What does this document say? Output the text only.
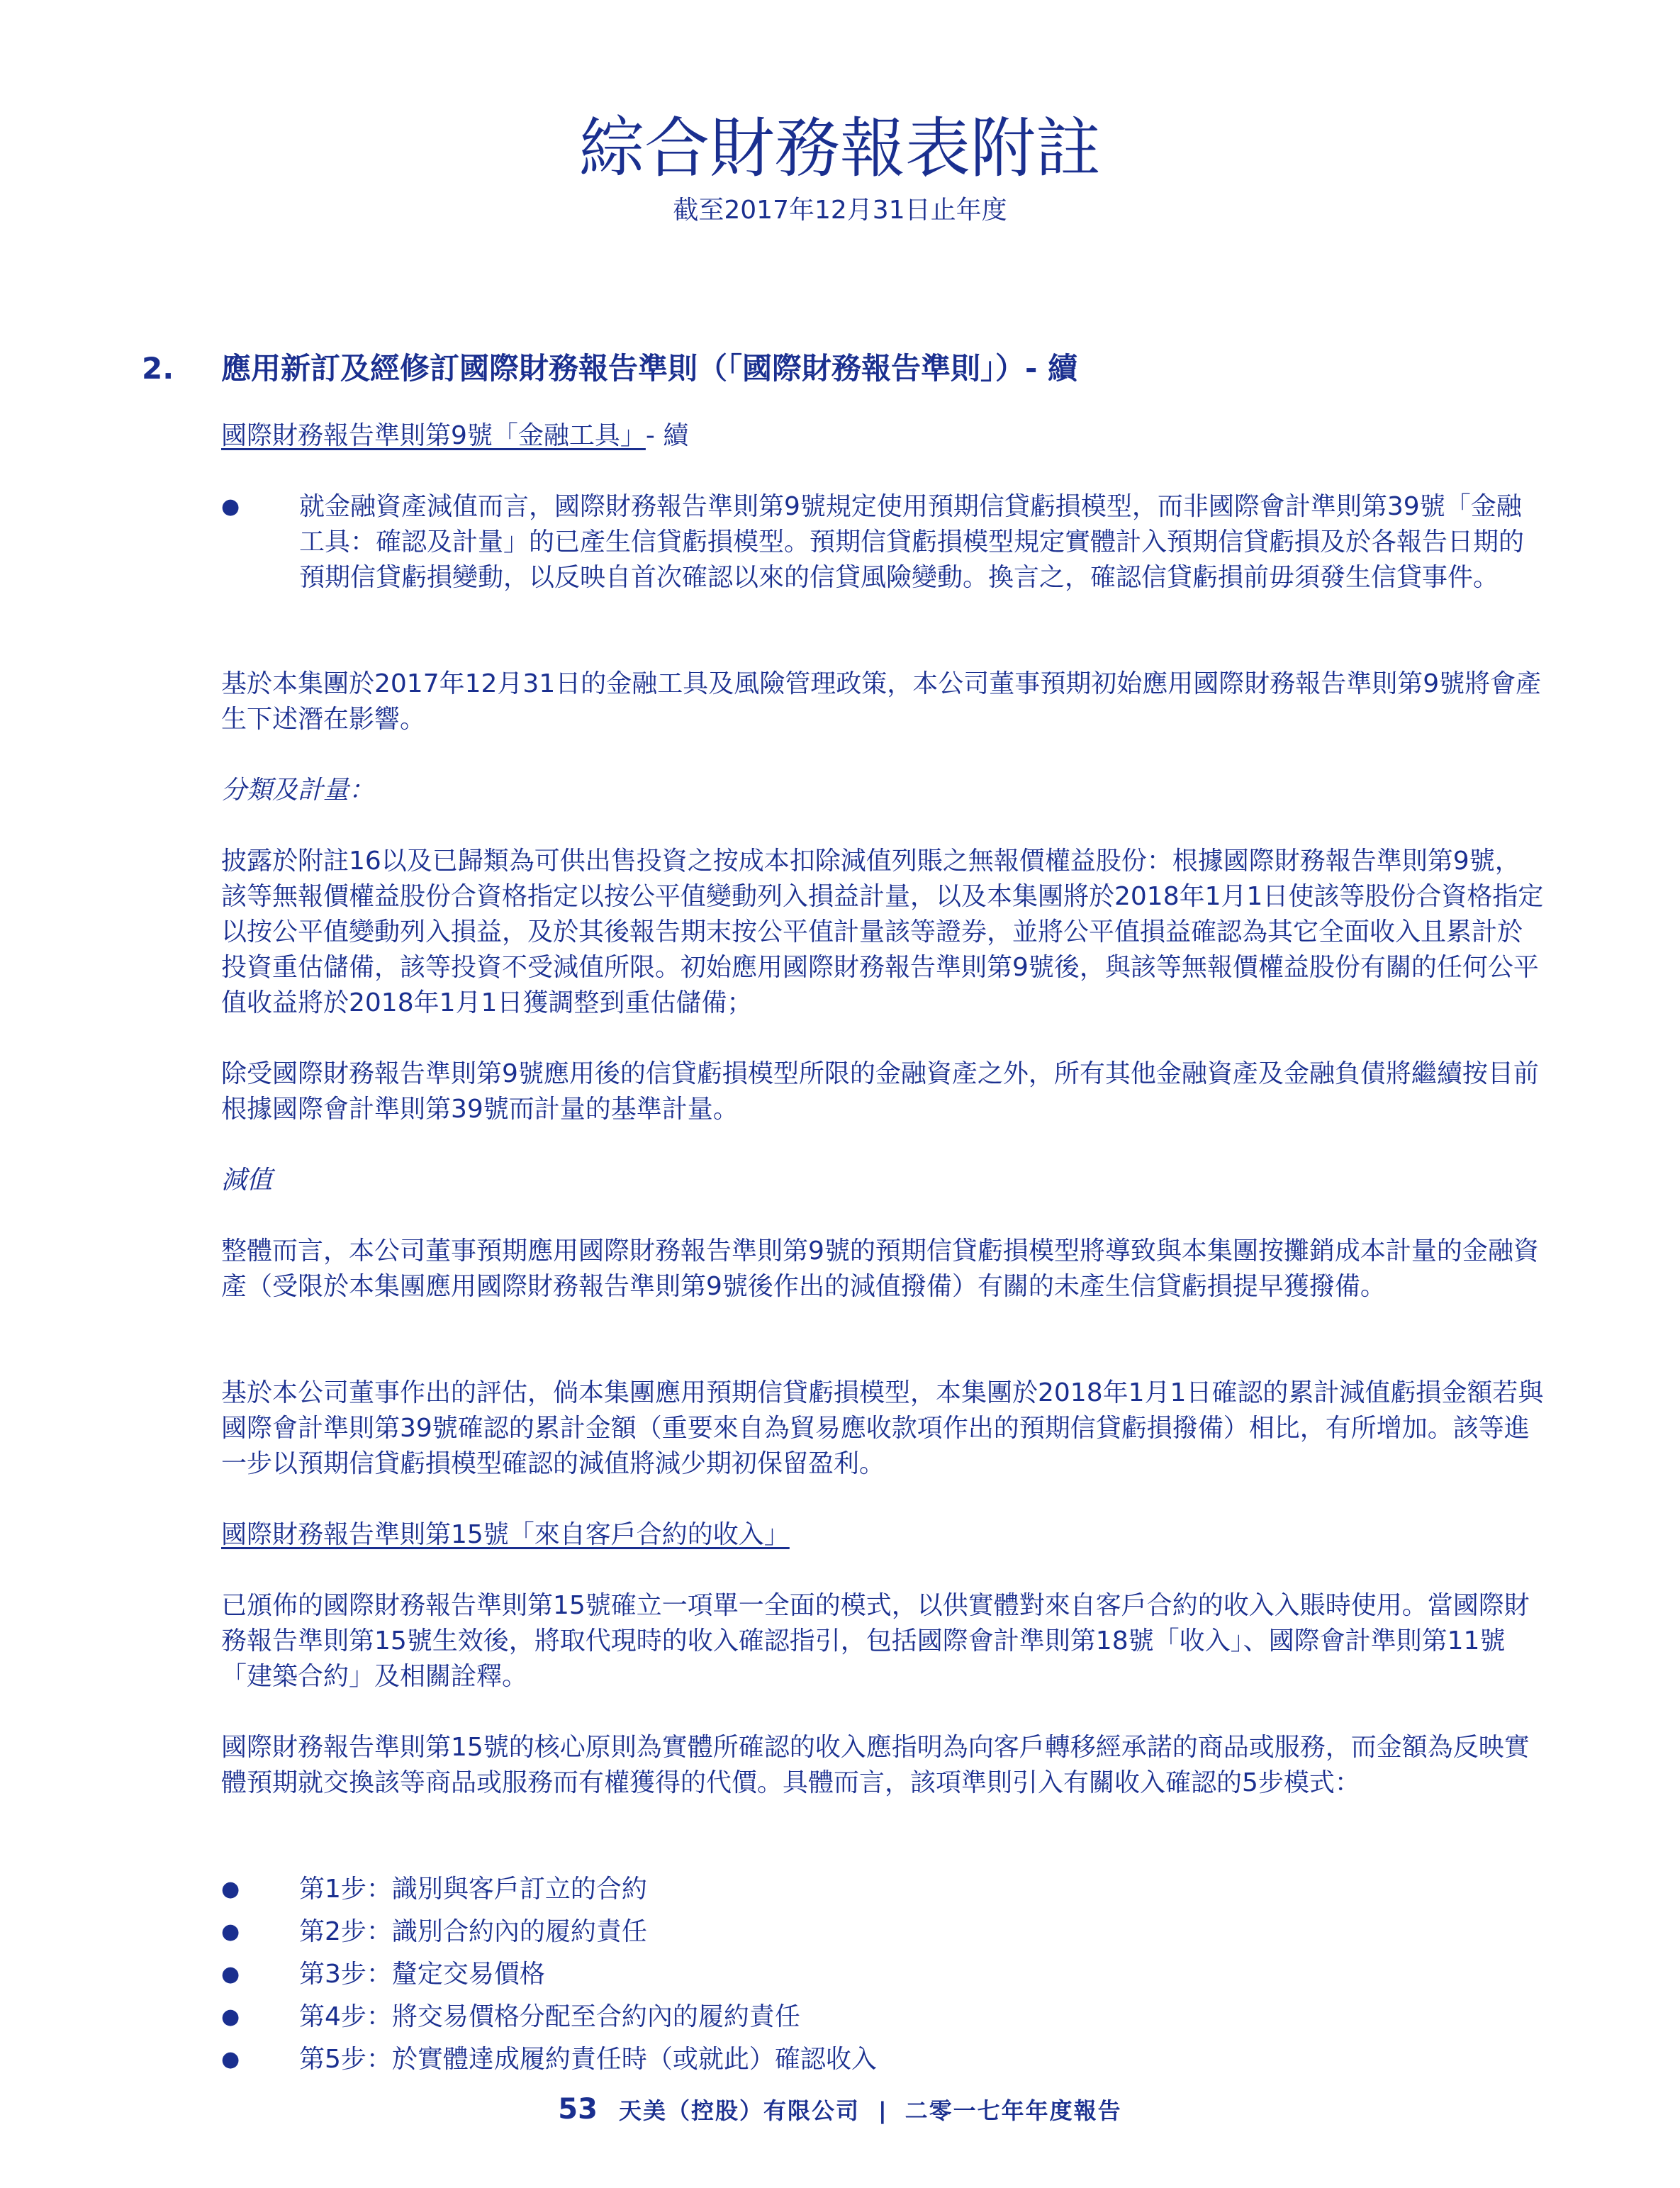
綜合財務報表附註
截至2017年12月31日止年度
2. 應用新訂及經修訂國際財務報告準則（「國際財務報告準則」）- 續
國際財務報告準則第9號「金融工具」- 續
● 就金融資產減值而言，國際財務報告準則第9號規定使用預期信貸虧損模型，而非國際會計準則第39號「金融工具：確認及計量」的已產生信貸虧損模型。預期信貸虧損模型規定實體計入預期信貸虧損及於各報告日期的預期信貸虧損變動，以反映自首次確認以來的信貸風險變動。換言之，確認信貸虧損前毋須發生信貸事件。

基於本集團於2017年12月31日的金融工具及風險管理政策，本公司董事預期初始應用國際財務報告準則第9號將會產生下述潛在影響。

分類及計量：

披露於附註16以及已歸類為可供出售投資之按成本扣除減值列賬之無報價權益股份：根據國際財務報告準則第9號，該等無報價權益股份合資格指定以按公平值變動列入損益計量，以及本集團將於2018年1月1日使該等股份合資格指定以按公平值變動列入損益，及於其後報告期末按公平值計量該等證券，並將公平值損益確認為其它全面收入且累計於投資重估儲備，該等投資不受減值所限。初始應用國際財務報告準則第9號後，與該等無報價權益股份有關的任何公平值收益將於2018年1月1日獲調整到重估儲備；

除受國際財務報告準則第9號應用後的信貸虧損模型所限的金融資產之外，所有其他金融資產及金融負債將繼續按目前根據國際會計準則第39號而計量的基準計量。

減值

整體而言，本公司董事預期應用國際財務報告準則第9號的預期信貸虧損模型將導致與本集團按攤銷成本計量的金融資產（受限於本集團應用國際財務報告準則第9號後作出的減值撥備）有關的未產生信貸虧損提早獲撥備。

基於本公司董事作出的評估，倘本集團應用預期信貸虧損模型，本集團於2018年1月1日確認的累計減值虧損金額若與國際會計準則第39號確認的累計金額（重要來自為貿易應收款項作出的預期信貸虧損撥備）相比，有所增加。該等進一步以預期信貸虧損模型確認的減值將減少期初保留盈利。

國際財務報告準則第15號「來自客戶合約的收入」

已頒佈的國際財務報告準則第15號確立一項單一全面的模式，以供實體對來自客戶合約的收入入賬時使用。當國際財務報告準則第15號生效後，將取代現時的收入確認指引，包括國際會計準則第18號「收入」、國際會計準則第11號「建築合約」及相關詮釋。

國際財務報告準則第15號的核心原則為實體所確認的收入應指明為向客戶轉移經承諾的商品或服務，而金額為反映實體預期就交換該等商品或服務而有權獲得的代價。具體而言，該項準則引入有關收入確認的5步模式：

● 第1步：識別與客戶訂立的合約

● 第2步：識別合約內的履約責任

● 第3步：釐定交易價格

● 第4步：將交易價格分配至合約內的履約責任

● 第5步：於實體達成履約責任時（或就此）確認收入

53 天美（控股）有限公司 | 二零一七年年度報告
